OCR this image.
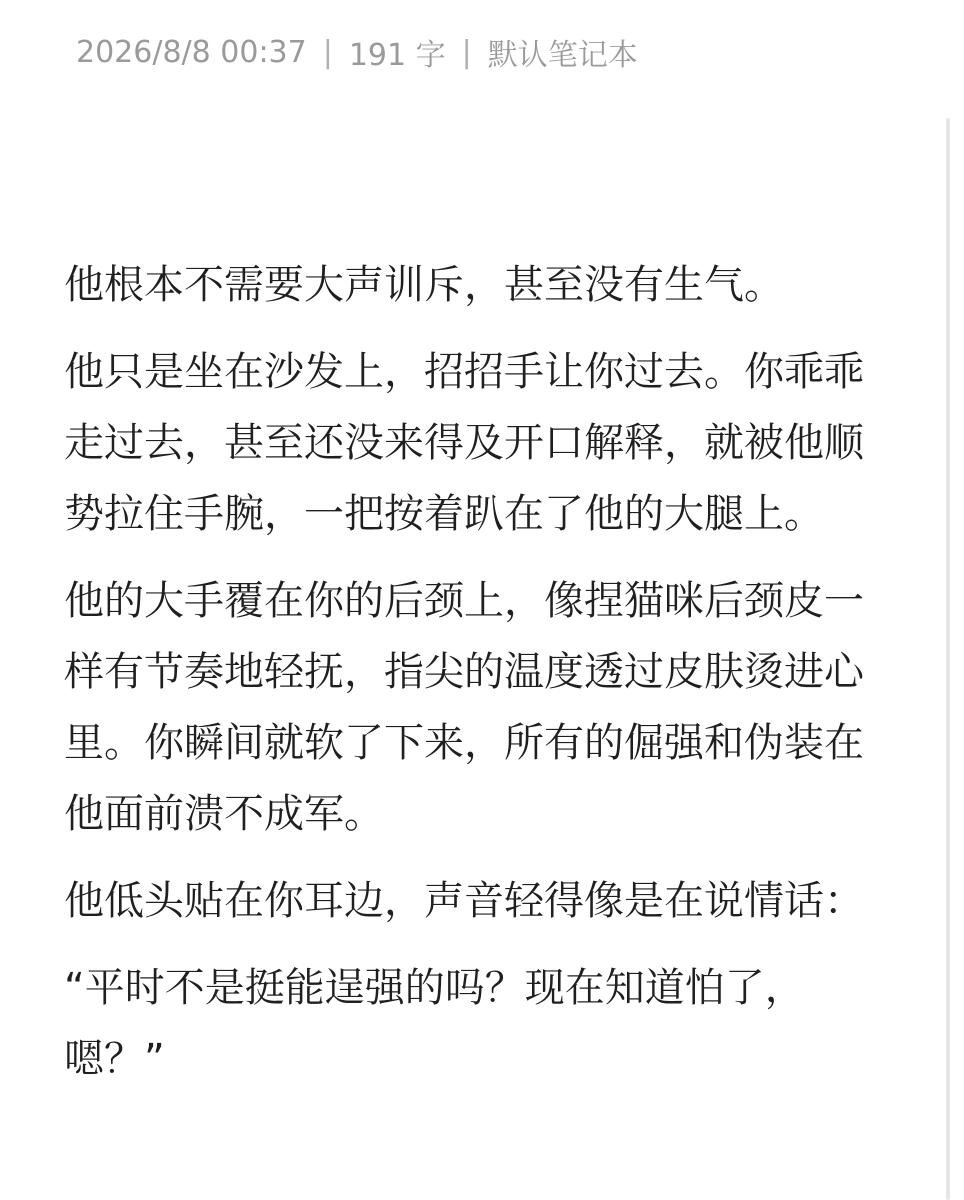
2026/8/8 00:37 | 191 字 | 默认笔记本

他根本不需要大声训斥，甚至没有生气。

他只是坐在沙发上，招招手让你过去。你乖乖走过去，甚至还没来得及开口解释，就被他顺势拉住手腕，一把按着趴在了他的大腿上。

他的大手覆在你的后颈上，像捏猫咪后颈皮一样有节奏地轻抚，指尖的温度透过皮肤烫进心里。你瞬间就软了下来，所有的倔强和伪装在他面前溃不成军。

他低头贴在你耳边，声音轻得像是在说情话：

“平时不是挺能逞强的吗？现在知道怕了，嗯？”
